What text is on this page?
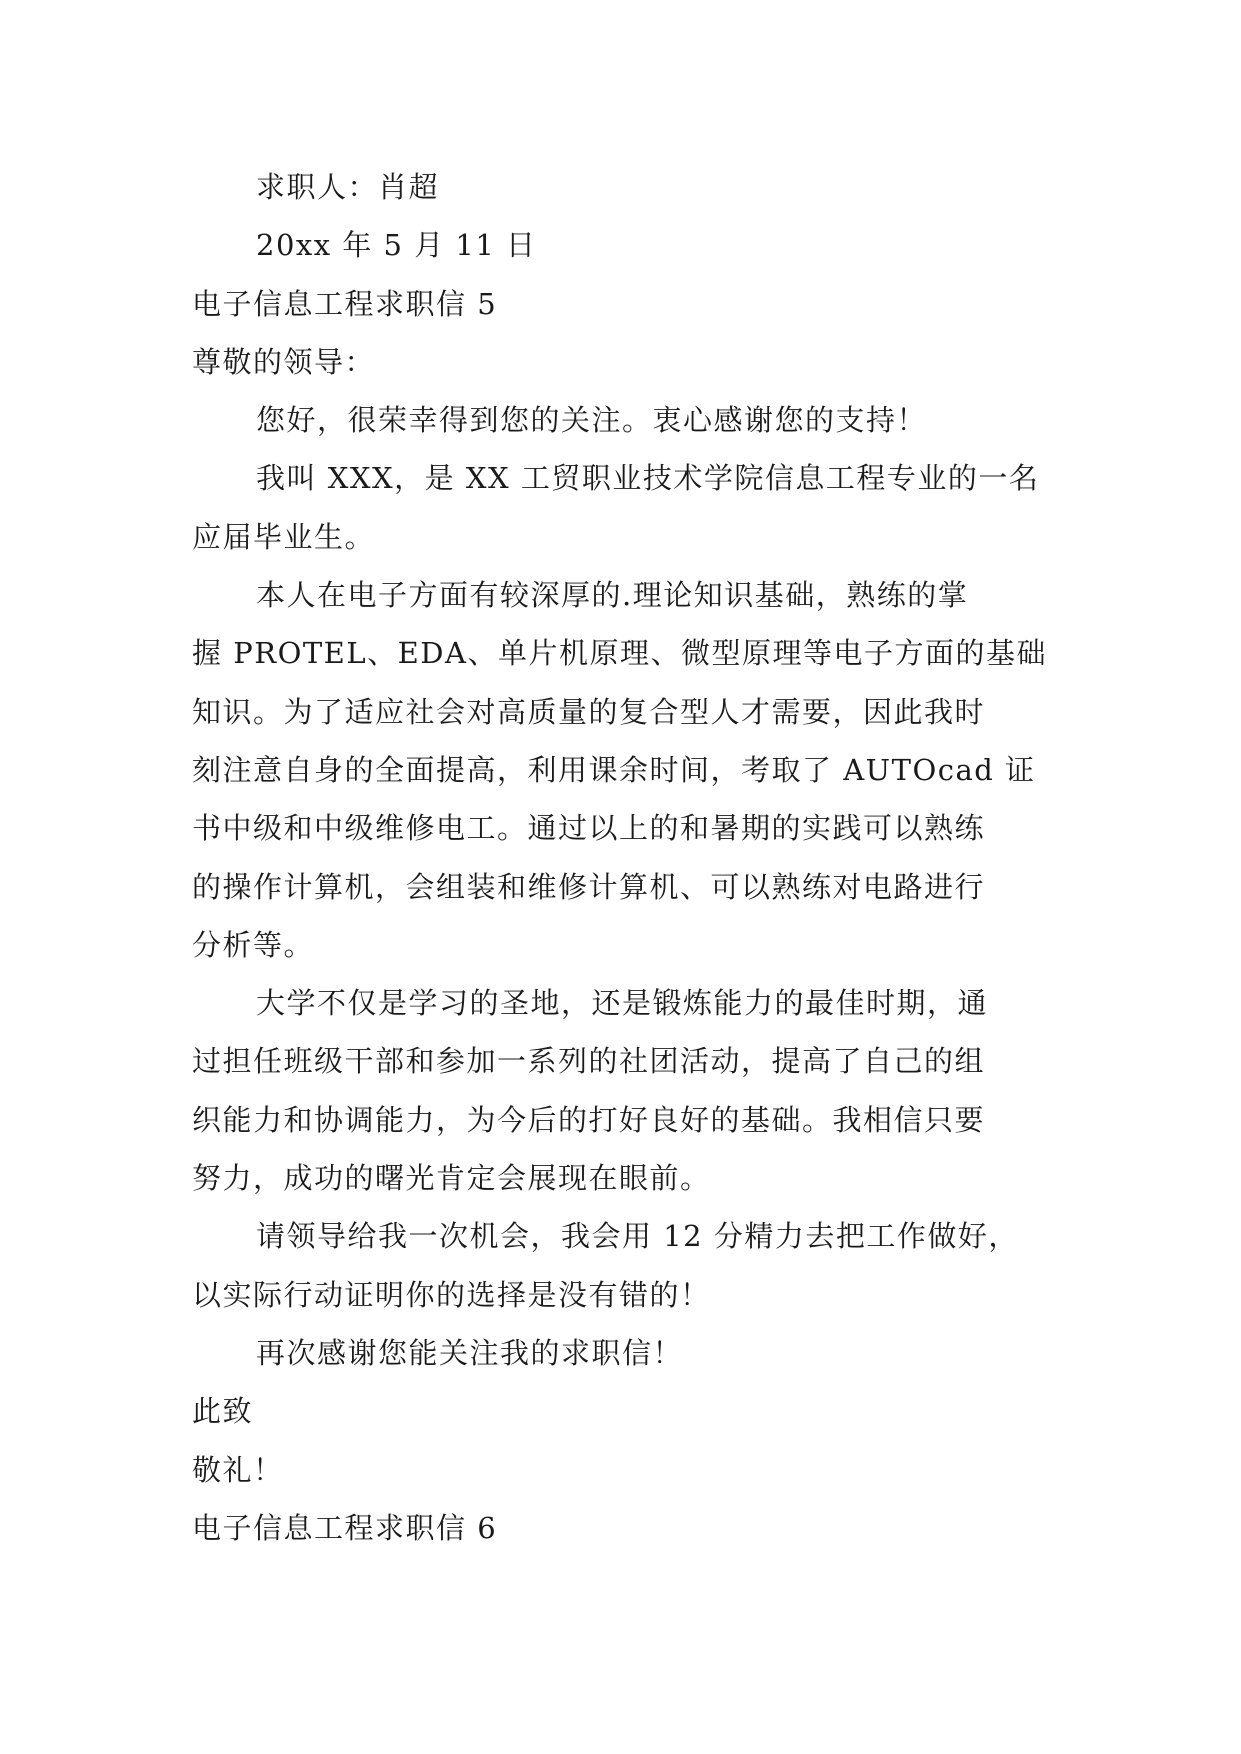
求职人：肖超
20xx 年 5 月 11 日
电子信息工程求职信 5
尊敬的领导：
您好，很荣幸得到您的关注。衷心感谢您的支持！
我叫 XXX，是 XX 工贸职业技术学院信息工程专业的一名
应届毕业生。
本人在电子方面有较深厚的.理论知识基础，熟练的掌
握 PROTEL、EDA、单片机原理、微型原理等电子方面的基础
知识。为了适应社会对高质量的复合型人才需要，因此我时
刻注意自身的全面提高，利用课余时间，考取了 AUTOcad 证
书中级和中级维修电工。通过以上的和暑期的实践可以熟练
的操作计算机，会组装和维修计算机、可以熟练对电路进行
分析等。
大学不仅是学习的圣地，还是锻炼能力的最佳时期，通
过担任班级干部和参加一系列的社团活动，提高了自己的组
织能力和协调能力，为今后的打好良好的基础。我相信只要
努力，成功的曙光肯定会展现在眼前。
请领导给我一次机会，我会用 12 分精力去把工作做好，
以实际行动证明你的选择是没有错的！
再次感谢您能关注我的求职信！
此致
敬礼！
电子信息工程求职信 6
